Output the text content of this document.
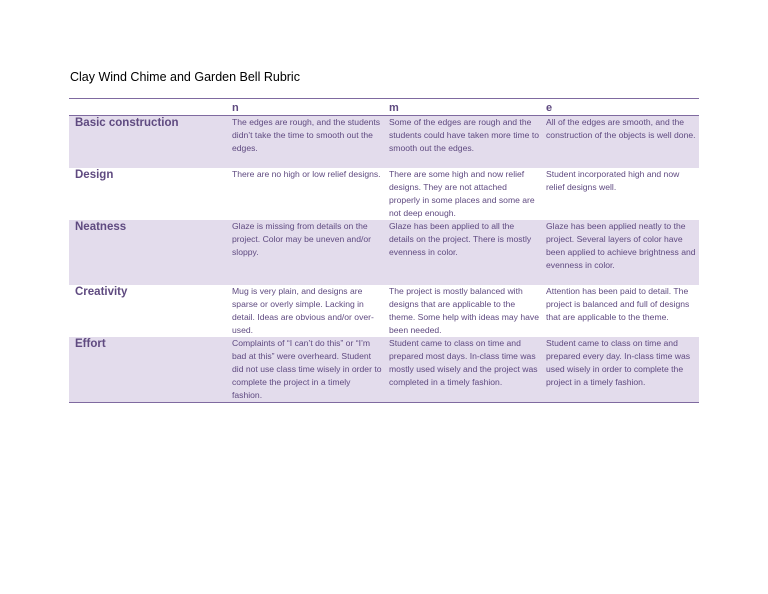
Clay Wind Chime and Garden Bell Rubric
	n	m	e
Basic construction	The edges are rough, and the students didn’t take the time to smooth out the edges.	Some of the edges are rough and the students could have taken more time to smooth out the edges.	All of the edges are smooth, and the construction of the objects is well done.
Design	There are no high or low relief designs.	There are some high and now relief designs. They are not attached properly in some places and some are not deep enough.	Student incorporated high and now relief designs well.
Neatness	Glaze is missing from details on the project. Color may be uneven and/or sloppy.	Glaze has been applied to all the details on the project. There is mostly evenness in color.	Glaze has been applied neatly to the project. Several layers of color have been applied to achieve brightness and evenness in color.
Creativity	Mug is very plain, and designs are sparse or overly simple. Lacking in detail. Ideas are obvious and/or over-used.	The project is mostly balanced with designs that are applicable to the theme. Some help with ideas may have been needed.	Attention has been paid to detail. The project is balanced and full of designs that are applicable to the theme.
Effort	Complaints of “I can’t do this” or “I’m bad at this” were overheard. Student did not use class time wisely in order to complete the project in a timely fashion.	Student came to class on time and prepared most days. In-class time was mostly used wisely and the project was completed in a timely fashion.	Student came to class on time and prepared every day. In-class time was used wisely in order to complete the project in a timely fashion.
